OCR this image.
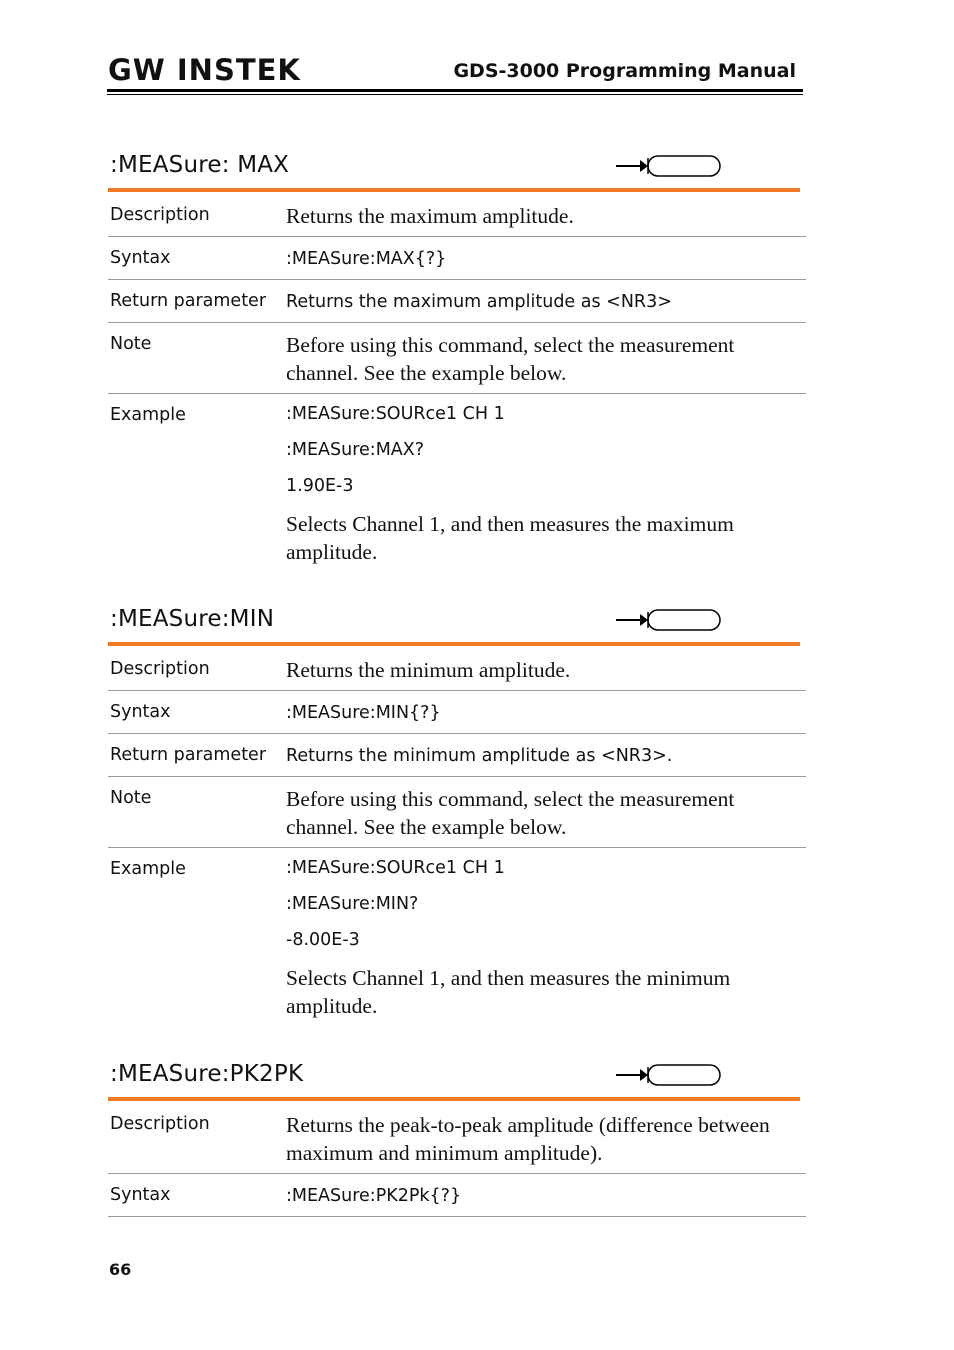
GW INSTEK	GDS-3000 Programming Manual
:MEASure: MAX
Description	Returns the maximum amplitude.
Syntax	:MEASure:MAX{?}
Return parameter	Returns the maximum amplitude as <NR3>
Note	Before using this command, select the measurement channel. See the example below.
Example	:MEASure:SOURce1 CH 1
:MEASure:MAX?
1.90E-3
Selects Channel 1, and then measures the maximum amplitude.
:MEASure:MIN
Description	Returns the minimum amplitude.
Syntax	:MEASure:MIN{?}
Return parameter	Returns the minimum amplitude as <NR3>.
Note	Before using this command, select the measurement channel. See the example below.
Example	:MEASure:SOURce1 CH 1
:MEASure:MIN?
-8.00E-3
Selects Channel 1, and then measures the minimum amplitude.
:MEASure:PK2PK
Description	Returns the peak-to-peak amplitude (difference between maximum and minimum amplitude).
Syntax	:MEASure:PK2Pk{?}
66
